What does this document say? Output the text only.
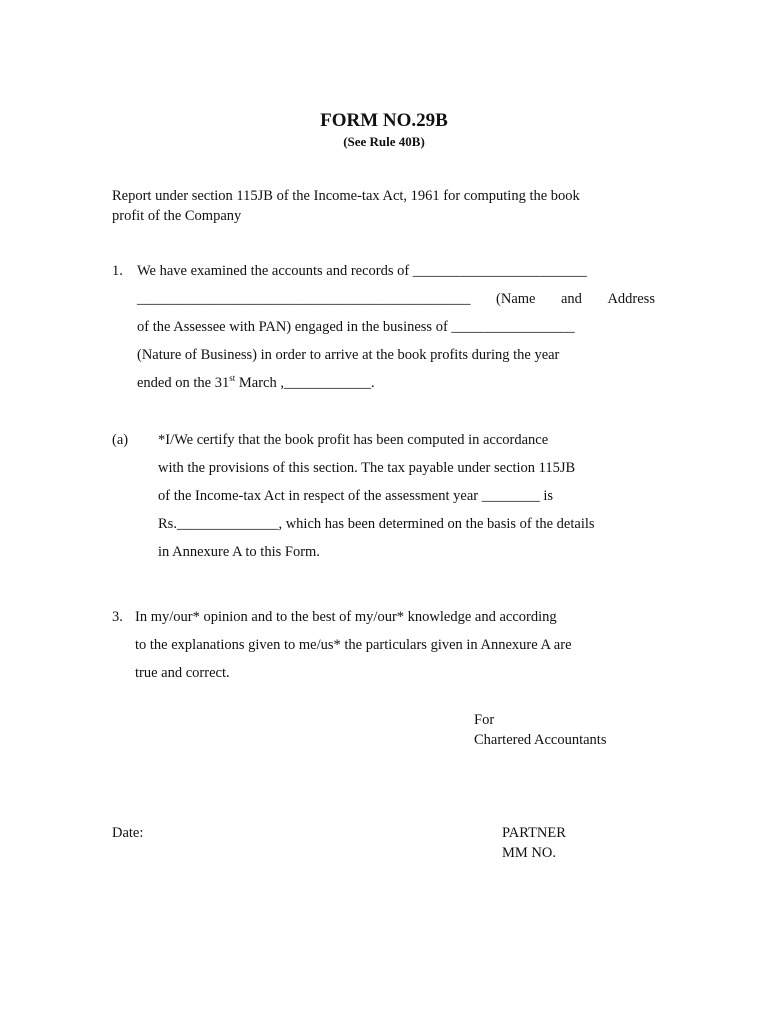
FORM NO.29B
(See Rule 40B)
Report under section 115JB of the Income-tax Act, 1961 for computing the book
profit of the Company
1. We have examined the accounts and records of ________________________
______________________________________________ (Name and Address
of the Assessee with PAN) engaged in the business of _________________
(Nature of Business) in order to arrive at the book profits during the year
ended on the 31st March ,____________.
(a) *I/We certify that the book profit has been computed in accordance
with the provisions of this section. The tax payable under section 115JB
of the Income-tax Act in respect of the assessment year ________ is
Rs.______________, which has been determined on the basis of the details
in Annexure A to this Form.
3. In my/our* opinion and to the best of my/our* knowledge and according
to the explanations given to me/us* the particulars given in Annexure A are
true and correct.
For
Chartered Accountants
Date:	PARTNER
MM NO.
